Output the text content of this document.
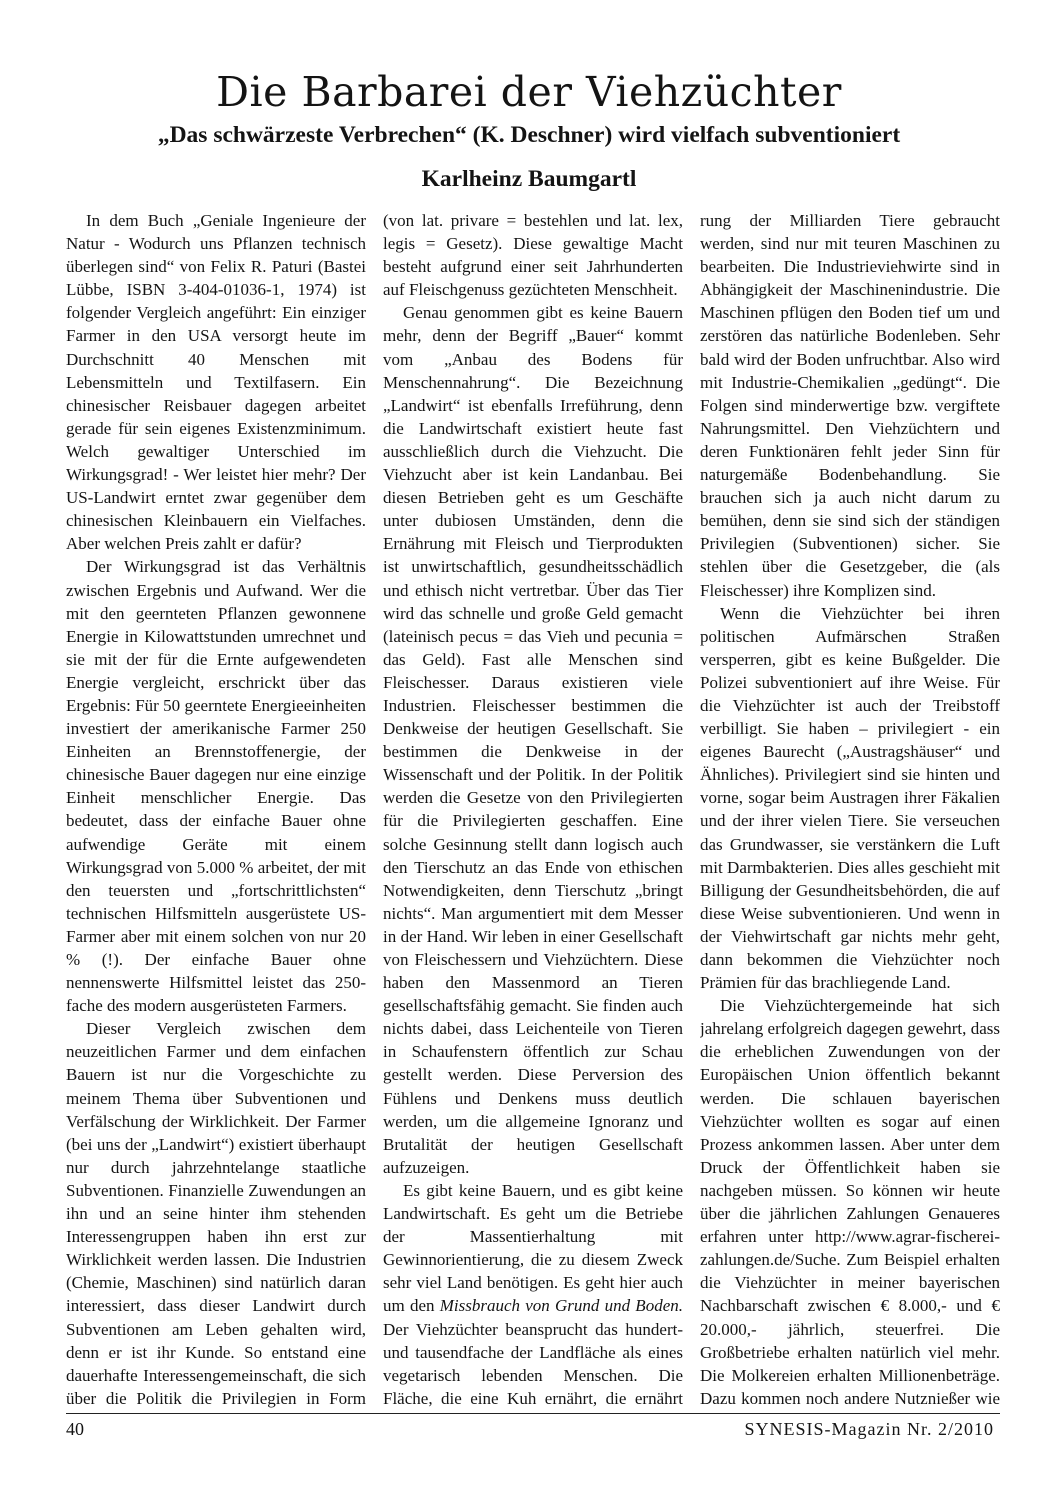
Die Barbarei der Viehzüchter
„Das schwärzeste Verbrechen“ (K. Deschner) wird vielfach subventioniert
Karlheinz Baumgartl

In dem Buch „Geniale Ingenieure der Natur - Wodurch uns Pflanzen technisch überlegen sind“ von Felix R. Paturi (Bastei Lübbe, ISBN 3-404-01036-1, 1974) ist folgender Vergleich angeführt: Ein einziger Farmer in den USA versorgt heute im Durchschnitt 40 Menschen mit Lebensmitteln und Textilfasern. Ein chinesischer Reisbauer dagegen arbeitet gerade für sein eigenes Existenzminimum. Welch gewaltiger Unterschied im Wirkungsgrad! - Wer leistet hier mehr? Der US-Landwirt erntet zwar gegenüber dem chinesischen Kleinbauern ein Vielfaches. Aber welchen Preis zahlt er dafür?

Der Wirkungsgrad ist das Verhältnis zwischen Ergebnis und Aufwand. Wer die mit den geernteten Pflanzen gewonnene Energie in Kilowattstunden umrechnet und sie mit der für die Ernte aufgewendeten Energie vergleicht, erschrickt über das Ergebnis: Für 50 geerntete Energieeinheiten investiert der amerikanische Farmer 250 Einheiten an Brennstoffenergie, der chinesische Bauer dagegen nur eine einzige Einheit menschlicher Energie. Das bedeutet, dass der einfache Bauer ohne aufwendige Geräte mit einem Wirkungsgrad von 5.000 % arbeitet, der mit den teuersten und „fortschrittlichsten“ technischen Hilfsmitteln ausgerüstete US-Farmer aber mit einem solchen von nur 20 % (!). Der einfache Bauer ohne nennenswerte Hilfsmittel leistet das 250-fache des modern ausgerüsteten Farmers.

Dieser Vergleich zwischen dem neuzeitlichen Farmer und dem einfachen Bauern ist nur die Vorgeschichte zu meinem Thema über Subventionen und Verfälschung der Wirklichkeit. Der Farmer (bei uns der „Landwirt“) existiert überhaupt nur durch jahrzehntelange staatliche Subventionen. Finanzielle Zuwendungen an ihn und an seine hinter ihm stehenden Interessengruppen haben ihn erst zur Wirklichkeit werden lassen. Die Industrien (Chemie, Maschinen) sind natürlich daran interessiert, dass dieser Landwirt durch Subventionen am Leben gehalten wird, denn er ist ihr Kunde. So entstand eine dauerhafte Interessengemeinschaft, die sich über die Politik die Privilegien in Form

(von lat. privare = bestehlen und lat. lex, legis = Gesetz). Diese gewaltige Macht besteht aufgrund einer seit Jahrhunderten auf Fleischgenuss gezüchteten Menschheit.

Genau genommen gibt es keine Bauern mehr, denn der Begriff „Bauer“ kommt vom „Anbau des Bodens für Menschennahrung“. Die Bezeichnung „Landwirt“ ist ebenfalls Irreführung, denn die Landwirtschaft existiert heute fast ausschließlich durch die Viehzucht. Die Viehzucht aber ist kein Landanbau. Bei diesen Betrieben geht es um Geschäfte unter dubiosen Umständen, denn die Ernährung mit Fleisch und Tierprodukten ist unwirtschaftlich, gesundheitsschädlich und ethisch nicht vertretbar. Über das Tier wird das schnelle und große Geld gemacht (lateinisch pecus = das Vieh und pecunia = das Geld). Fast alle Menschen sind Fleischesser. Daraus existieren viele Industrien. Fleischesser bestimmen die Denkweise der heutigen Gesellschaft. Sie bestimmen die Denkweise in der Wissenschaft und der Politik. In der Politik werden die Gesetze von den Privilegierten für die Privilegierten geschaffen. Eine solche Gesinnung stellt dann logisch auch den Tierschutz an das Ende von ethischen Notwendigkeiten, denn Tierschutz „bringt nichts“. Man argumentiert mit dem Messer in der Hand. Wir leben in einer Gesellschaft von Fleischessern und Viehzüchtern. Diese haben den Massenmord an Tieren gesellschaftsfähig gemacht. Sie finden auch nichts dabei, dass Leichenteile von Tieren in Schaufenstern öffentlich zur Schau gestellt werden. Diese Perversion des Fühlens und Denkens muss deutlich werden, um die allgemeine Ignoranz und Brutalität der heutigen Gesellschaft aufzuzeigen.

Es gibt keine Bauern, und es gibt keine Landwirtschaft. Es geht um die Betriebe der Massentierhaltung mit Gewinnorientierung, die zu diesem Zweck sehr viel Land benötigen. Es geht hier auch um den Missbrauch von Grund und Boden. Der Viehzüchter beansprucht das hundert- und tausendfache der Landfläche als eines vegetarisch lebenden Menschen. Die Fläche, die eine Kuh ernährt, die ernährt

rung der Milliarden Tiere gebraucht werden, sind nur mit teuren Maschinen zu bearbeiten. Die Industrieviehwirte sind in Abhängigkeit der Maschinenindustrie. Die Maschinen pflügen den Boden tief um und zerstören das natürliche Bodenleben. Sehr bald wird der Boden unfruchtbar. Also wird mit Industrie-Chemikalien „gedüngt“. Die Folgen sind minderwertige bzw. vergiftete Nahrungsmittel. Den Viehzüchtern und deren Funktionären fehlt jeder Sinn für naturgemäße Bodenbehandlung. Sie brauchen sich ja auch nicht darum zu bemühen, denn sie sind sich der ständigen Privilegien (Subventionen) sicher. Sie stehlen über die Gesetzgeber, die (als Fleischesser) ihre Komplizen sind.

Wenn die Viehzüchter bei ihren politischen Aufmärschen Straßen versperren, gibt es keine Bußgelder. Die Polizei subventioniert auf ihre Weise. Für die Viehzüchter ist auch der Treibstoff verbilligt. Sie haben – privilegiert - ein eigenes Baurecht („Austragshäuser“ und Ähnliches). Privilegiert sind sie hinten und vorne, sogar beim Austragen ihrer Fäkalien und der ihrer vielen Tiere. Sie verseuchen das Grundwasser, sie verstänkern die Luft mit Darmbakterien. Dies alles geschieht mit Billigung der Gesundheitsbehörden, die auf diese Weise subventionieren. Und wenn in der Viehwirtschaft gar nichts mehr geht, dann bekommen die Viehzüchter noch Prämien für das brachliegende Land.

Die Viehzüchtergemeinde hat sich jahrelang erfolgreich dagegen gewehrt, dass die erheblichen Zuwendungen von der Europäischen Union öffentlich bekannt werden. Die schlauen bayerischen Viehzüchter wollten es sogar auf einen Prozess ankommen lassen. Aber unter dem Druck der Öffentlichkeit haben sie nachgeben müssen. So können wir heute über die jährlichen Zahlungen Genaueres erfahren unter http://www.agrar-fischerei-zahlungen.de/Suche. Zum Beispiel erhalten die Viehzüchter in meiner bayerischen Nachbarschaft zwischen € 8.000,- und € 20.000,- jährlich, steuerfrei. Die Großbetriebe erhalten natürlich viel mehr. Die Molkereien erhalten Millionenbeträge. Dazu kommen noch andere Nutznießer wie

40	SYNESIS-Magazin Nr. 2/2010
